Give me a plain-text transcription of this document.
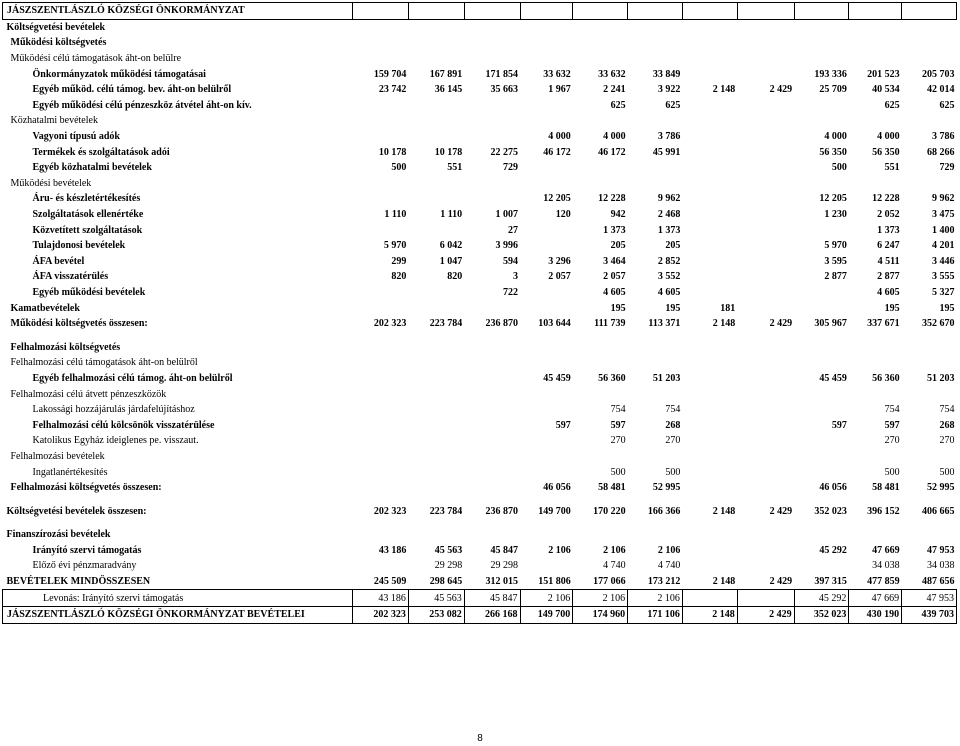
JÁSZSZENTLÁSZLÓ KÖZSÉGI ÖNKORMÁNYZAT											
Költségvetési bevételek											
Működési költségvetés											
Működési célú támogatások áht-on belülre											
Önkormányzatok működési támogatásai	159 704	167 891	171 854	33 632	33 632	33 849			193 336	201 523	205 703
Egyéb működ. célú támog. bev. áht-on belülről	23 742	36 145	35 663	1 967	2 241	3 922	2 148	2 429	25 709	40 534	42 014
Egyéb működési célú pénzeszköz átvétel áht-on kív.					625	625				625	625
Közhatalmi bevételek											
Vagyoni típusú adók				4 000	4 000	3 786			4 000	4 000	3 786
Termékek és szolgáltatások adói	10 178	10 178	22 275	46 172	46 172	45 991			56 350	56 350	68 266
Egyéb közhatalmi bevételek	500	551	729						500	551	729
Működési bevételek											
Áru- és készletértékesítés				12 205	12 228	9 962			12 205	12 228	9 962
Szolgáltatások ellenértéke	1 110	1 110	1 007	120	942	2 468			1 230	2 052	3 475
Közvetített szolgáltatások			27		1 373	1 373				1 373	1 400
Tulajdonosi bevételek	5 970	6 042	3 996		205	205			5 970	6 247	4 201
ÁFA bevétel	299	1 047	594	3 296	3 464	2 852			3 595	4 511	3 446
ÁFA visszatérülés	820	820	3	2 057	2 057	3 552			2 877	2 877	3 555
Egyéb működési bevételek			722		4 605	4 605				4 605	5 327
Kamatbevételek					195	195	181			195	195
Működési költségvetés összesen:	202 323	223 784	236 870	103 644	111 739	113 371	2 148	2 429	305 967	337 671	352 670

Felhalmozási költségvetés											
Felhalmozási célú támogatások áht-on belülről											
Egyéb felhalmozási célú támog. áht-on belülről				45 459	56 360	51 203			45 459	56 360	51 203
Felhalmozási célú átvett pénzeszközök											
Lakossági hozzájárulás járdafelújításhoz					754	754				754	754
Felhalmozási célú kölcsönök visszatérülése				597	597	268			597	597	268
Katolikus Egyház ideiglenes pe. visszaut.					270	270				270	270
Felhalmozási bevételek											
Ingatlanértékesítés					500	500				500	500
Felhalmozási költségvetés összesen:				46 056	58 481	52 995			46 056	58 481	52 995

Költségvetési bevételek összesen:	202 323	223 784	236 870	149 700	170 220	166 366	2 148	2 429	352 023	396 152	406 665

Finanszírozási bevételek											
Irányító szervi támogatás	43 186	45 563	45 847	2 106	2 106	2 106			45 292	47 669	47 953
Előző évi pénzmaradvány		29 298	29 298		4 740	4 740				34 038	34 038
BEVÉTELEK MINDÖSSZESEN	245 509	298 645	312 015	151 806	177 066	173 212	2 148	2 429	397 315	477 859	487 656
Levonás: Irányító szervi támogatás	43 186	45 563	45 847	2 106	2 106	2 106			45 292	47 669	47 953
JÁSZSZENTLÁSZLÓ KÖZSÉGI ÖNKORMÁNYZAT BEVÉTELEI	202 323	253 082	266 168	149 700	174 960	171 106	2 148	2 429	352 023	430 190	439 703
8
